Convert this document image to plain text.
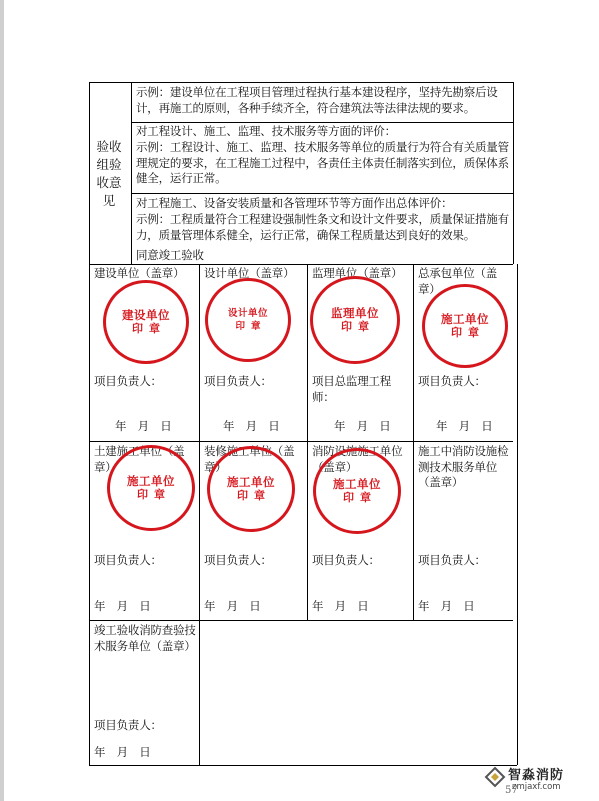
验收组验收意见
示例：建设单位在工程项目管理过程执行基本建设程序，坚持先勘察后设计，再施工的原则，各种手续齐全，符合建筑法等法律法规的要求。
对工程设计、施工、监理、技术服务等方面的评价：
示例：工程设计、施工、监理、技术服务等单位的质量行为符合有关质量管理规定的要求，在工程施工过程中，各责任主体责任制落实到位，质保体系健全，运行正常。
对工程施工、设备安装质量和各管理环节等方面作出总体评价：
示例：工程质量符合工程建设强制性条文和设计文件要求，质量保证措施有力，质量管理体系健全，运行正常，确保工程质量达到良好的效果。
同意竣工验收
建设单位（盖章）
建设单位
印章
项目负责人：
年　月　日
设计单位（盖章）
设计单位
印章
项目负责人：
年　月　日
监理单位（盖章）
监理单位
印章
项目总监理工程师：
年　月　日
总承包单位（盖章）
施工单位
印章
项目负责人：
年　月　日
土建施工单位（盖章）
施工单位
印章
项目负责人：
年　月　日
装修施工单位（盖章）
施工单位
印章
项目负责人：
年　月　日
消防设施施工单位（盖章）
施工单位
印章
项目负责人：
年　月　日
施工中消防设施检测技术服务单位（盖章）
项目负责人：
年　月　日
竣工验收消防查验技术服务单位（盖章）
项目负责人：
年　月　日
智淼消防
zmjaxf.com
57
